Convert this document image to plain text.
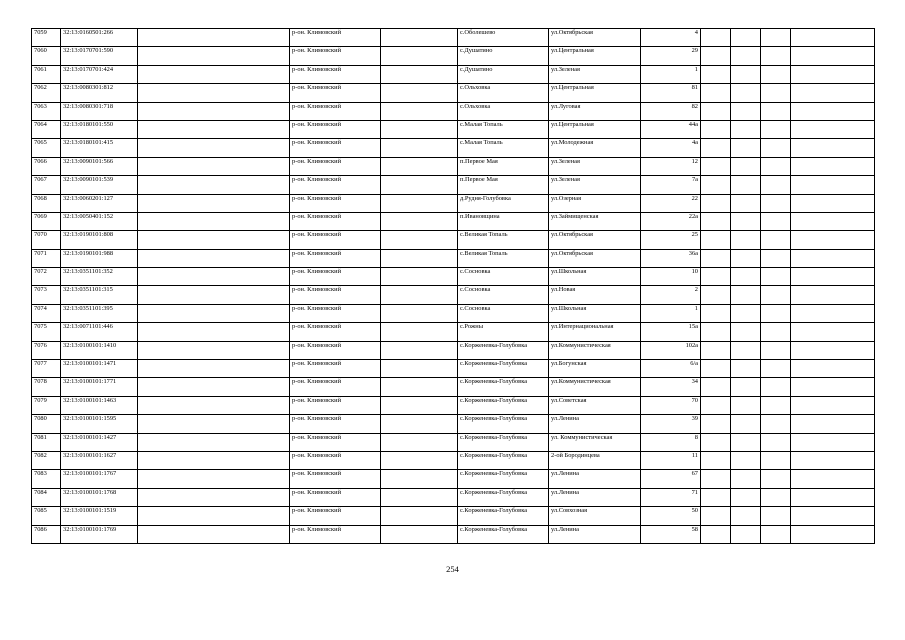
7059	32:13:0160501:266		р-он. Климовский		с.Оболешево	ул.Октябрьская	4				
7060	32:13:0170701:590		р-он. Климовский		с.Душатино	ул.Центральная	29				
7061	32:13:0170701:424		р-он. Климовский		с.Душатино	ул.Зеленая	1				
7062	32:13:0080301:812		р-он. Климовский		с.Ольховка	ул.Центральная	81				
7063	32:13:0080301:718		р-он. Климовский		с.Ольховка	ул.Луговая	82				
7064	32:13:0180101:550		р-он. Климовский		с.Малая Топаль	ул.Центральная	44а				
7065	32:13:0180101:415		р-он. Климовский		с.Малая Топаль	ул.Молодежная	4а				
7066	32:13:0090101:566		р-он. Климовский		п.Первое Мая	ул.Зеленая	12				
7067	32:13:0090101:539		р-он. Климовский		п.Первое Мая	ул.Зеленая	7а				
7068	32:13:0060201:127		р-он. Климовский		д.Рудня-Голубовка	ул.Озерная	22				
7069	32:13:0050401:152		р-он. Климовский		п.Ивановщина	ул.Займищенская	22а				
7070	32:13:0190101:808		р-он. Климовский		с.Великая Топаль	ул.Октябрьская	25				
7071	32:13:0190101:988		р-он. Климовский		с.Великая Топаль	ул.Октябрьская	36а				
7072	32:13:0351101:352		р-он. Климовский		с.Сосновка	ул.Школьная	10				
7073	32:13:0351101:315		р-он. Климовский		с.Сосновка	ул.Новая	2				
7074	32:13:0351101:395		р-он. Климовский		с.Сосновка	ул.Школьная	1				
7075	32:13:0071101:446		р-он. Климовский		с.Рожны	ул.Интернациональная	15а				
7076	32:13:0100101:1410		р-он. Климовский		с.Корженевка-Голубовка	ул.Коммунистическая	102а				
7077	32:13:0100101:1471		р-он. Климовский		с.Корженевка-Голубовка	ул.Богунская	6/а				
7078	32:13:0100101:1771		р-он. Климовский		с.Корженевка-Голубовка	ул.Коммунистическая	34				
7079	32:13:0100101:1463		р-он. Климовский		с.Корженевка-Голубовка	ул.Советская	70				
7080	32:13:0100101:1595		р-он. Климовский		с.Корженевка-Голубовка	ул.Ленина	39				
7081	32:13:0100101:1427		р-он. Климовский		с.Корженевка-Голубовка	ул. Коммунистическая	8				
7082	32:13:0100101:1627		р-он. Климовский		с.Корженевка-Голубовка	2-ой Бородинцева	11				
7083	32:13:0100101:1767		р-он. Климовский		с.Корженевка-Голубовка	ул.Ленина	67				
7084	32:13:0100101:1768		р-он. Климовский		с.Корженевка-Голубовка	ул.Ленина	71				
7085	32:13:0100101:1519		р-он. Климовский		с.Корженевка-Голубовка	ул.Совхозная	50				
7086	32:13:0100101:1769		р-он. Климовский		с.Корженевка-Голубовка	ул.Ленина	58				
254
